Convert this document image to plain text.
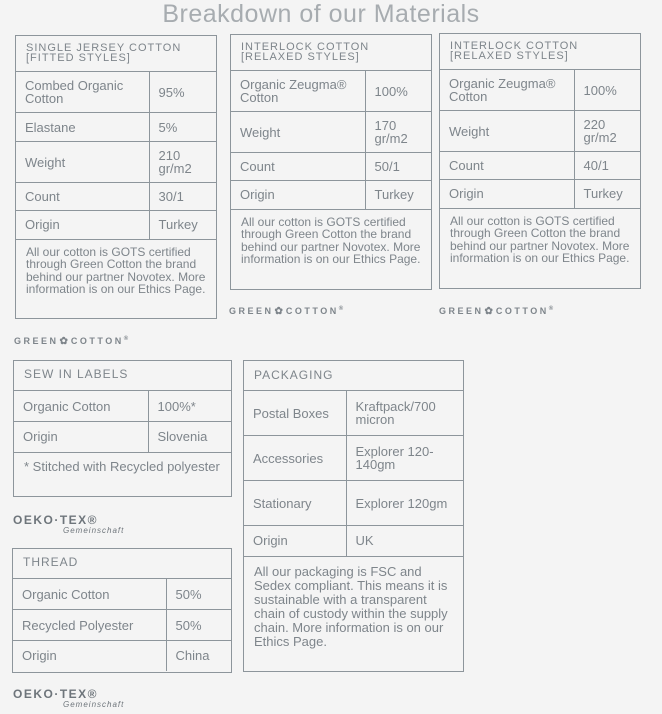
Breakdown of our Materials
SINGLE JERSEY COTTON
[FITTED STYLES]
Combed Organic Cotton	95%
Elastane	5%
Weight	210 gr/m2
Count	30/1
Origin	Turkey
All our cotton is GOTS certified through Green Cotton the brand behind our partner Novotex. More information is on our Ethics Page.
INTERLOCK COTTON
[RELAXED STYLES]
Organic Zeugma® Cotton	100%
Weight	170 gr/m2
Count	50/1
Origin	Turkey
All our cotton is GOTS certified through Green Cotton the brand behind our partner Novotex. More information is on our Ethics Page.
INTERLOCK COTTON
[RELAXED STYLES]
Organic Zeugma® Cotton	100%
Weight	220 gr/m2
Count	40/1
Origin	Turkey
All our cotton is GOTS certified through Green Cotton the brand behind our partner Novotex. More information is on our Ethics Page.
GREEN✿ COTTON®	GREEN✿ COTTON®
GREEN✿ COTTON®
SEW IN LABELS
Organic Cotton	100%*
Origin	Slovenia
* Stitched with Recycled polyester
OEKO·TEX®
Gemeinschaft
THREAD
Organic Cotton	50%
Recycled Polyester	50%
Origin	China
OEKO·TEX®
Gemeinschaft
PACKAGING
Postal Boxes	Kraftpack/700 micron
Accessories	Explorer 120-140gm
Stationary	Explorer 120gm
Origin	UK
All our packaging is FSC and Sedex compliant. This means it is sustainable with a transparent chain of custody within the supply chain. More information is on our Ethics Page.
